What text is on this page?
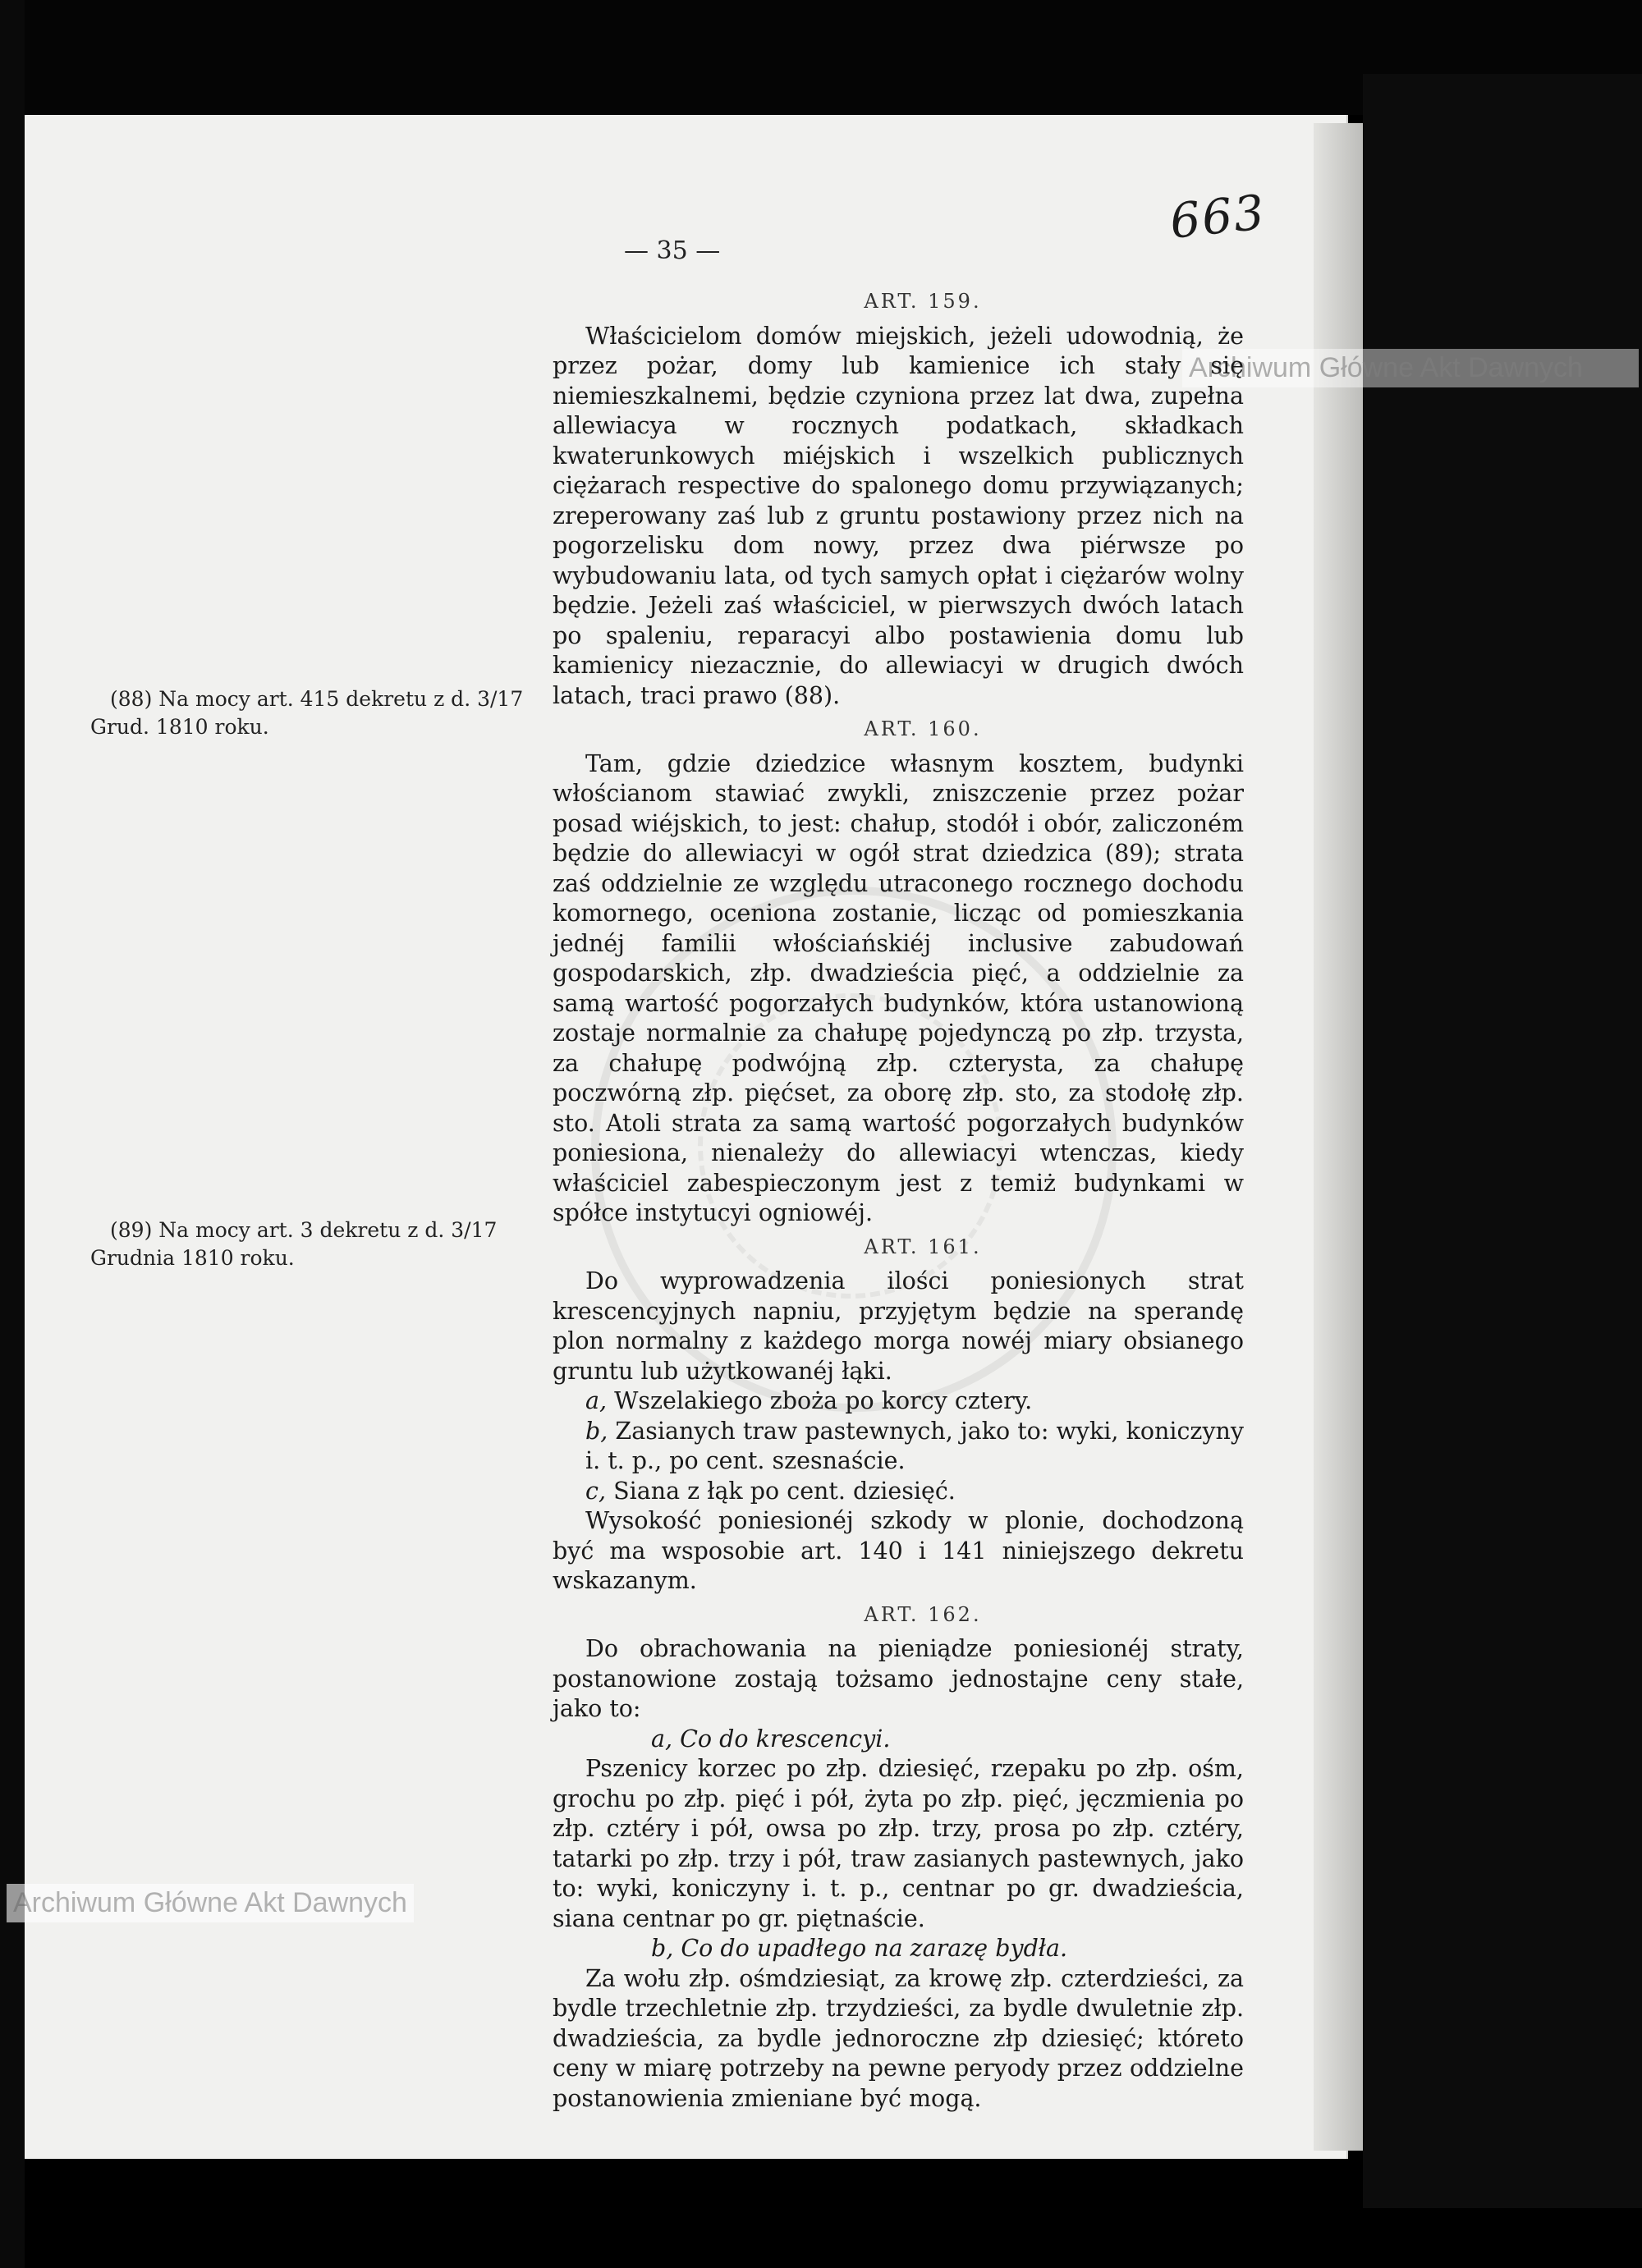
663
— 35 —
Archiwum Główne Akt Dawnych
Archiwum Główne Akt Dawnych
(88) Na mocy art. 415 dekretu z d. 3/17 Grud. 1810 roku.
(89) Na mocy art. 3 dekretu z d. 3/17 Grudnia 1810 roku.
ART. 159.

Właścicielom domów miejskich, jeżeli udowodnią, że przez pożar, domy lub kamienice ich stały się niemieszkalnemi, będzie czyniona przez lat dwa, zupełna allewiacya w rocznych podatkach, składkach kwaterunkowych miéjskich i wszelkich publicznych ciężarach respective do spalonego domu przywiązanych; zreperowany zaś lub z gruntu postawiony przez nich na pogorzelisku dom nowy, przez dwa piérwsze po wybudowaniu lata, od tych samych opłat i ciężarów wolny będzie. Jeżeli zaś właściciel, w pierwszych dwóch latach po spaleniu, reparacyi albo postawienia domu lub kamienicy niezacznie, do allewiacyi w drugich dwóch latach, traci prawo (88).

ART. 160.

Tam, gdzie dziedzice własnym kosztem, budynki włościanom stawiać zwykli, zniszczenie przez pożar posad wiéjskich, to jest: chałup, stodół i obór, zaliczoném będzie do allewiacyi w ogół strat dziedzica (89); strata zaś oddzielnie ze względu utraconego rocznego dochodu komornego, oceniona zostanie, licząc od pomieszkania jednéj familii włościańskiéj inclusive zabudowań gospodarskich, złp. dwadzieścia pięć, a oddzielnie za samą wartość pogorzałych budynków, która ustanowioną zostaje normalnie za chałupę pojedynczą po złp. trzysta, za chałupę podwójną złp. czterysta, za chałupę poczwórną złp. pięćset, za oborę złp. sto, za stodołę złp. sto. Atoli strata za samą wartość pogorzałych budynków poniesiona, nienależy do allewiacyi wtenczas, kiedy właściciel zabespieczonym jest z temiż budynkami w spółce instytucyi ogniowéj.

ART. 161.

Do wyprowadzenia ilości poniesionych strat krescencyjnych napniu, przyjętym będzie na sperandę plon normalny z każdego morga nowéj miary obsianego gruntu lub użytkowanéj łąki.

a, Wszelakiego zboża po korcy cztery.

b, Zasianych traw pastewnych, jako to: wyki, koniczyny i. t. p., po cent. szesnaście.

c, Siana z łąk po cent. dziesięć.

Wysokość poniesionéj szkody w plonie, dochodzoną być ma wsposobie art. 140 i 141 niniejszego dekretu wskazanym.

ART. 162.

Do obrachowania na pieniądze poniesionéj straty, postanowione zostają tożsamo jednostajne ceny stałe, jako to:

a, Co do krescencyi.

Pszenicy korzec po złp. dziesięć, rzepaku po złp. ośm, grochu po złp. pięć i pół, żyta po złp. pięć, jęczmienia po złp. cztéry i pół, owsa po złp. trzy, prosa po złp. cztéry, tatarki po złp. trzy i pół, traw zasianych pastewnych, jako to: wyki, koniczyny i. t. p., centnar po gr. dwadzieścia, siana centnar po gr. piętnaście.

b, Co do upadłego na zarazę bydła.

Za wołu złp. ośmdziesiąt, za krowę złp. czterdzieści, za bydle trzechletnie złp. trzydzieści, za bydle dwuletnie złp. dwadzieścia, za bydle jednoroczne złp dziesięć; któreto ceny w miarę potrzeby na pewne peryody przez oddzielne postanowienia zmieniane być mogą.
